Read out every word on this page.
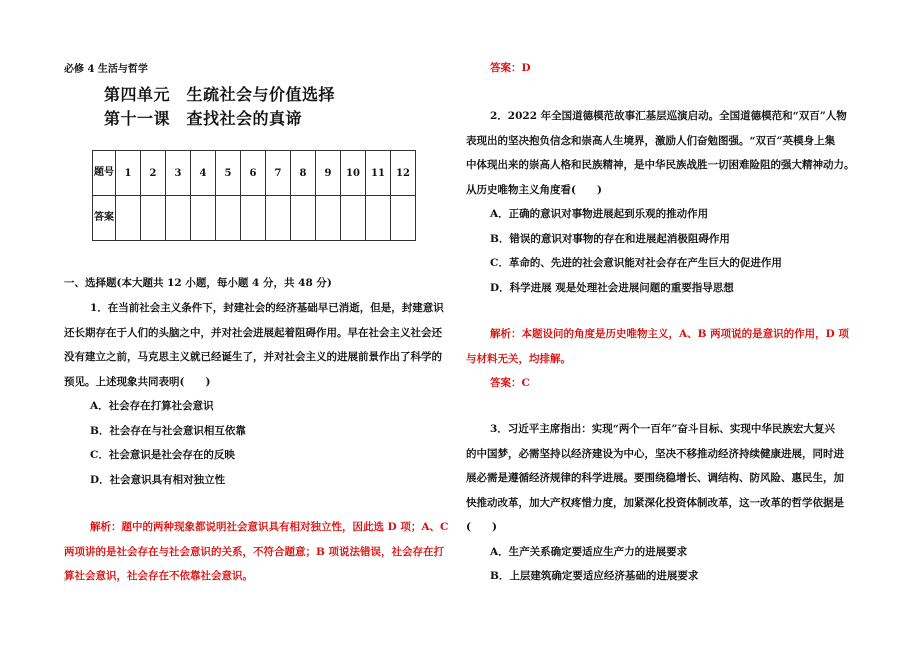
必修 4 生活与哲学
第四单元　生疏社会与价值选择
第十一课　查找社会的真谛
题号	1	2	3	4	5	6	7	8	9	10	11	12
答案												
一、选择题(本大题共 12 小题，每小题 4 分，共 48 分)
1．在当前社会主义条件下，封建社会的经济基础早已消逝，但是，封建意识
还长期存在于人们的头脑之中，并对社会进展起着阻碍作用。早在社会主义社会还
没有建立之前，马克思主义就已经诞生了，并对社会主义的进展前景作出了科学的
预见。上述现象共同表明(　　)
A．社会存在打算社会意识
B．社会存在与社会意识相互依靠
C．社会意识是社会存在的反映
D．社会意识具有相对独立性
解析：题中的两种现象都说明社会意识具有相对独立性，因此选 D 项；A、C
两项讲的是社会存在与社会意识的关系，不符合题意；B 项说法错误，社会存在打
算社会意识，社会存在不依靠社会意识。
答案：D
2．2022 年全国道德模范故事汇基层巡演启动。全国道德模范和“双百”人物
表现出的坚决抱负信念和崇高人生境界，激励人们奋勉图强。“双百”英模身上集
中体现出来的崇高人格和民族精神，是中华民族战胜一切困难险阻的强大精神动力。
从历史唯物主义角度看(　　)
A．正确的意识对事物进展起到乐观的推动作用
B．错误的意识对事物的存在和进展起消极阻碍作用
C．革命的、先进的社会意识能对社会存在产生巨大的促进作用
D．科学进展 观是处理社会进展问题的重要指导思想
解析：本题设问的角度是历史唯物主义，A、B 两项说的是意识的作用，D 项
与材料无关，均排解。
答案：C
3．习近平主席指出：实现“两个一百年”奋斗目标、实现中华民族宏大复兴
的中国梦，必需坚持以经济建设为中心，坚决不移推动经济持续健康进展，同时进
展必需是遵循经济规律的科学进展。要围绕稳增长、调结构、防风险、惠民生，加
快推动改革，加大产权疼惜力度，加紧深化投资体制改革，这一改革的哲学依据是
(　　)
A．生产关系确定要适应生产力的进展要求
B．上层建筑确定要适应经济基础的进展要求
